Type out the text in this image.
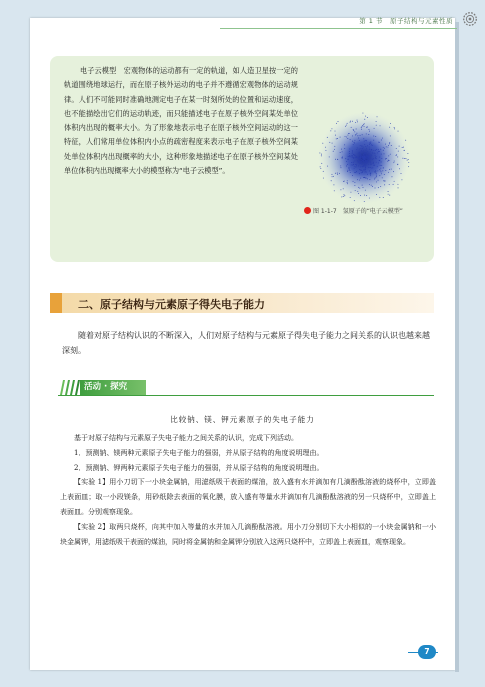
第 1 节　原子结构与元素性质
电子云模型　宏观物体的运动都有一定的轨道，如人造卫星按一定的轨道围绕地球运行，而在原子核外运动的电子并不遵循宏观物体的运动规律。人们不可能同时准确地测定电子在某一时刻所处的位置和运动速度，也不能描绘出它们的运动轨迹，而只能描述电子在原子核外空间某处单位体积内出现的概率大小。为了形象地表示电子在原子核外空间运动的这一特征，人们常用单位体积内小点的疏密程度来表示电子在原子核外空间某处单位体积内出现概率的大小，这种形象地描述电子在原子核外空间某处单位体积内出现概率大小的模型称为“电子云模型”。
图 1-1-7　氢原子的“电子云模型”
二、原子结构与元素原子得失电子能力
随着对原子结构认识的不断深入，人们对原子结构与元素原子得失电子能力之间关系的认识也越来越深刻。
活动 · 探究
比较钠、镁、钾元素原子的失电子能力

基于对原子结构与元素原子失电子能力之间关系的认识，完成下列活动。

1．预测钠、镁两种元素原子失电子能力的强弱，并从原子结构的角度说明理由。

2．预测钠、钾两种元素原子失电子能力的强弱，并从原子结构的角度说明理由。

【实验 1】用小刀切下一小块金属钠，用滤纸吸干表面的煤油，放入盛有水并滴加有几滴酚酞溶液的烧杯中，立即盖上表面皿；取一小段镁条，用砂纸除去表面的氧化膜，放入盛有等量水并滴加有几滴酚酞溶液的另一只烧杯中，立即盖上表面皿。分别观察现象。

【实验 2】取两只烧杯，向其中加入等量的水并加入几滴酚酞溶液。用小刀分别切下大小相似的一小块金属钠和一小块金属钾，用滤纸吸干表面的煤油，同时将金属钠和金属钾分别放入这两只烧杯中，立即盖上表面皿，观察现象。

7
